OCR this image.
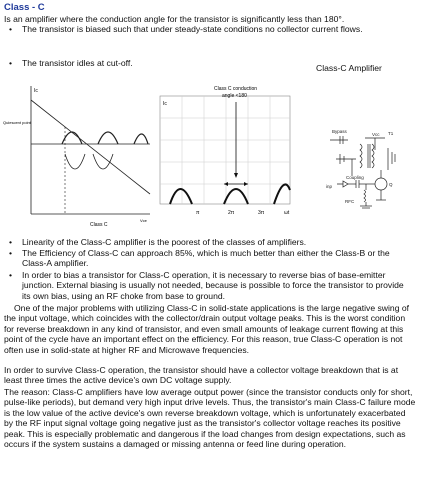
Class - C
Is an amplifier where the conduction angle for the transistor is significantly less than 180°.
• The transistor is biased such that under steady-state conditions no collector current flows.
• The transistor idles at cut-off.	Class-C Amplifier
Ic
Quiescent point
Vce
Class C
Class C conduction
angle <180
Ic
π	2π	3π	ωt
Vcc
Bypass	T1
Coupling
inp	Q
RFC
• Linearity of the Class-C amplifier is the poorest of the classes of amplifiers.
• The Efficiency of Class-C can approach 85%, which is much better than either the Class-B or the Class-A amplifier.
• In order to bias a transistor for Class-C operation, it is necessary to reverse bias of base-emitter junction. External biasing is usually not needed, because is possible to force the transistor to provide its own bias, using an RF choke from base to ground.
One of the major problems with utilizing Class-C in solid-state applications is the large negative swing of the input voltage, which coincides with the collector/drain output voltage peaks. This is the worst condition for reverse breakdown in any kind of transistor, and even small amounts of leakage current flowing at this point of the cycle have an important effect on the efficiency. For this reason, true Class-C operation is not often use in solid-state at higher RF and Microwave frequencies.
In order to survive Class-C operation, the transistor should have a collector voltage breakdown that is at least three times the active device's own DC voltage supply.
The reason: Class-C amplifiers have low average output power (since the transistor conducts only for short, pulse-like periods), but demand very high input drive levels. Thus, the transistor's main Class-C failure mode is the low value of the active device's own reverse breakdown voltage, which is unfortunately exacerbated by the RF input signal voltage going negative just as the transistor's collector voltage reaches its positive peak. This is especially problematic and dangerous if the load changes from design expectations, such as occurs if the system sustains a damaged or missing antenna or feed line during operation.
